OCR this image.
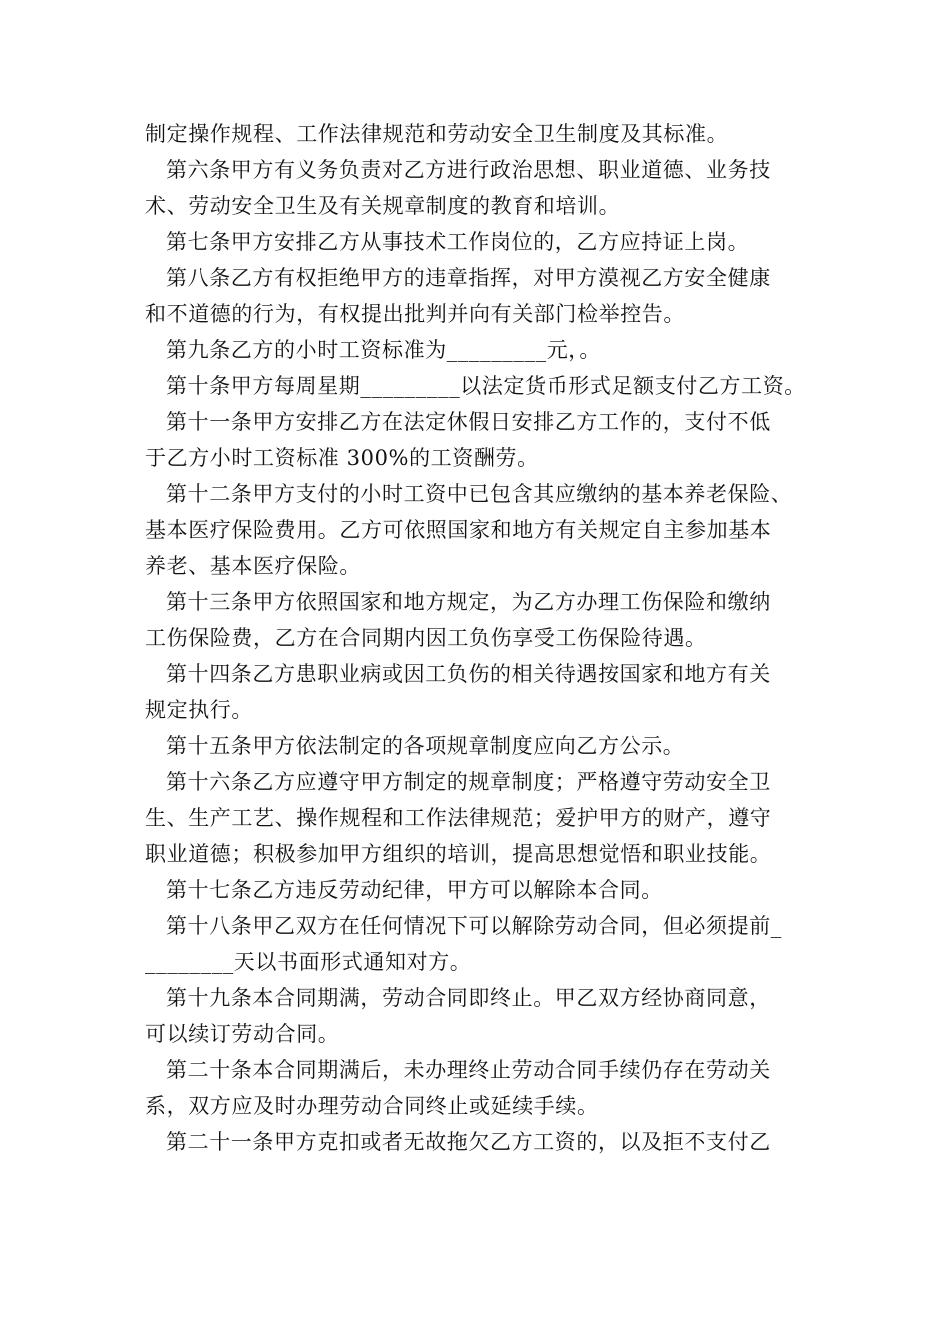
制定操作规程、工作法律规范和劳动安全卫生制度及其标准。
第六条甲方有义务负责对乙方进行政治思想、职业道德、业务技
术、劳动安全卫生及有关规章制度的教育和培训。
第七条甲方安排乙方从事技术工作岗位的，乙方应持证上岗。
第八条乙方有权拒绝甲方的违章指挥，对甲方漠视乙方安全健康
和不道德的行为，有权提出批判并向有关部门检举控告。
第九条乙方的小时工资标准为_________元，。
第十条甲方每周星期_________以法定货币形式足额支付乙方工资。
第十一条甲方安排乙方在法定休假日安排乙方工作的，支付不低
于乙方小时工资标准 300%的工资酬劳。
第十二条甲方支付的小时工资中已包含其应缴纳的基本养老保险、
基本医疗保险费用。乙方可依照国家和地方有关规定自主参加基本
养老、基本医疗保险。
第十三条甲方依照国家和地方规定，为乙方办理工伤保险和缴纳
工伤保险费，乙方在合同期内因工负伤享受工伤保险待遇。
第十四条乙方患职业病或因工负伤的相关待遇按国家和地方有关
规定执行。
第十五条甲方依法制定的各项规章制度应向乙方公示。
第十六条乙方应遵守甲方制定的规章制度；严格遵守劳动安全卫
生、生产工艺、操作规程和工作法律规范；爱护甲方的财产，遵守
职业道德；积极参加甲方组织的培训，提高思想觉悟和职业技能。
第十七条乙方违反劳动纪律，甲方可以解除本合同。
第十八条甲乙双方在任何情况下可以解除劳动合同，但必须提前_
________天以书面形式通知对方。
第十九条本合同期满，劳动合同即终止。甲乙双方经协商同意，
可以续订劳动合同。
第二十条本合同期满后，未办理终止劳动合同手续仍存在劳动关
系，双方应及时办理劳动合同终止或延续手续。
第二十一条甲方克扣或者无故拖欠乙方工资的，以及拒不支付乙
